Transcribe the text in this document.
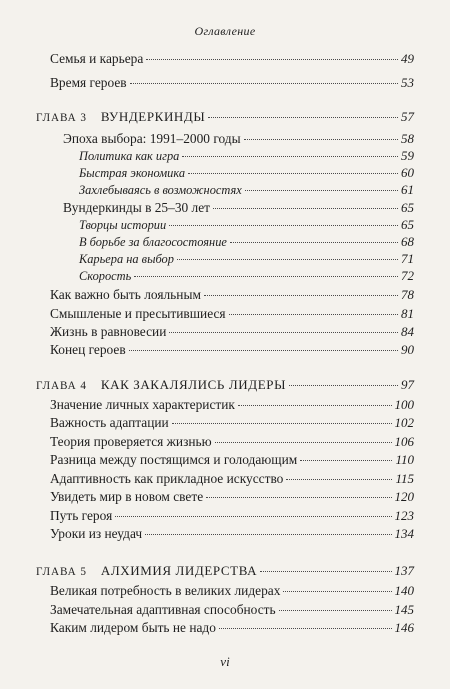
Оглавление
Семья и карьера	49
Время героев	53
ГЛАВА 3 ВУНДЕРКИНДЫ	57
Эпоха выбора: 1991–2000 годы	58
Политика как игра	59
Быстрая экономика	60
Захлебываясь в возможностях	61
Вундеркинды в 25–30 лет	65
Творцы истории	65
В борьбе за благосостояние	68
Карьера на выбор	71
Скорость	72
Как важно быть лояльным	78
Смышленые и пресытившиеся	81
Жизнь в равновесии	84
Конец героев	90
ГЛАВА 4 КАК ЗАКАЛЯЛИСЬ ЛИДЕРЫ	97
Значение личных характеристик	100
Важность адаптации	102
Теория проверяется жизнью	106
Разница между постящимся и голодающим	110
Адаптивность как прикладное искусство	115
Увидеть мир в новом свете	120
Путь героя	123
Уроки из неудач	134
ГЛАВА 5 АЛХИМИЯ ЛИДЕРСТВА	137
Великая потребность в великих лидерах	140
Замечательная адаптивная способность	145
Каким лидером быть не надо	146
vi
